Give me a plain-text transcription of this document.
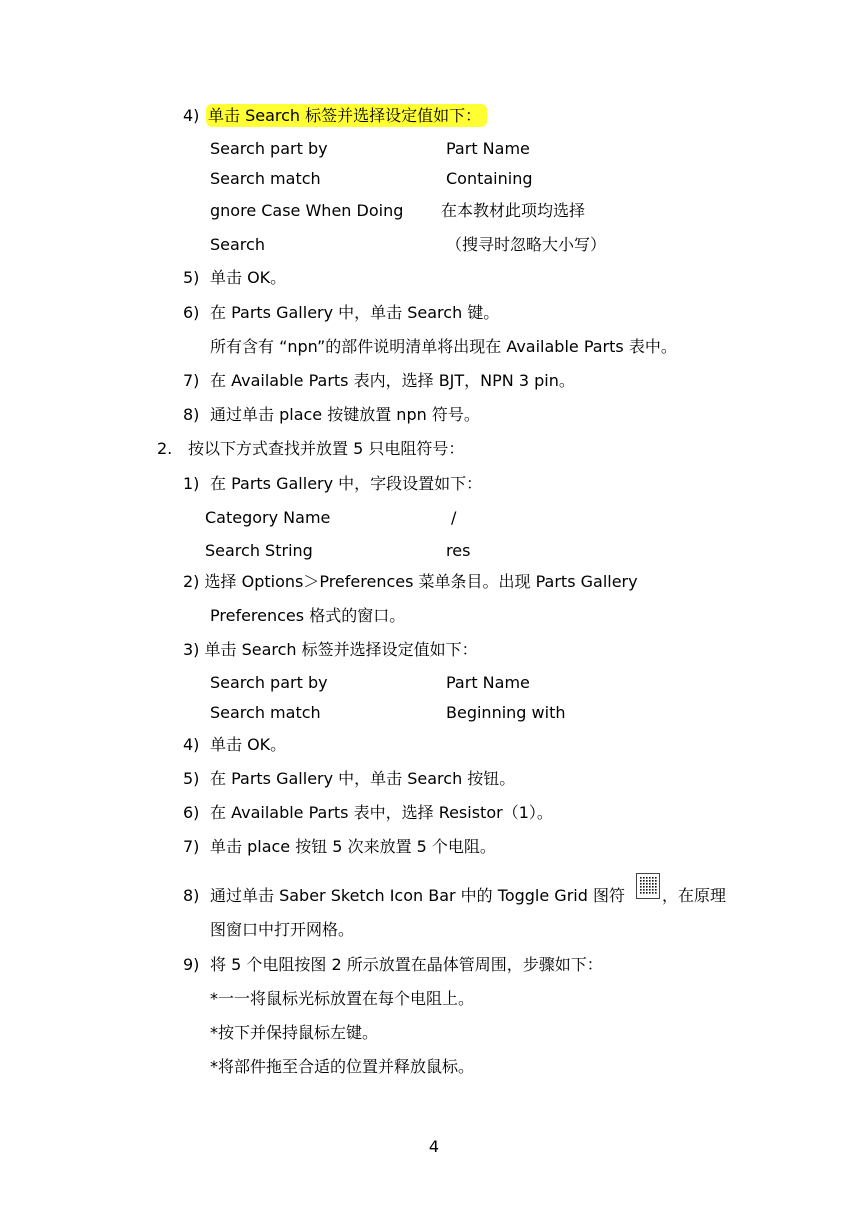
4) 单击 Search 标签并选择设定值如下：
Search part by	Part Name
Search match	Containing
gnore Case When Doing 在本教材此项均选择
Search	（搜寻时忽略大小写）
5) 单击 OK。
6) 在 Parts Gallery 中，单击 Search 键。
所有含有 “npn”的部件说明清单将出现在 Available Parts 表中。
7) 在 Available Parts 表内，选择 BJT，NPN 3 pin。
8) 通过单击 place 按键放置 npn 符号。
2. 按以下方式查找并放置 5 只电阻符号：
1) 在 Parts Gallery 中，字段设置如下：
Category Name	/
Search String	res
2) 选择 Options＞Preferences 菜单条目。出现 Parts Gallery
Preferences 格式的窗口。
3) 单击 Search 标签并选择设定值如下：
Search part by	Part Name
Search match	Beginning with
4) 单击 OK。
5) 在 Parts Gallery 中，单击 Search 按钮。
6) 在 Available Parts 表中，选择 Resistor（1）。
7) 单击 place 按钮 5 次来放置 5 个电阻。
8) 通过单击 Saber Sketch Icon Bar 中的 Toggle Grid 图符 ，在原理
图窗口中打开网格。
9) 将 5 个电阻按图 2 所示放置在晶体管周围，步骤如下：
*一一将鼠标光标放置在每个电阻上。
*按下并保持鼠标左键。
*将部件拖至合适的位置并释放鼠标。
4
